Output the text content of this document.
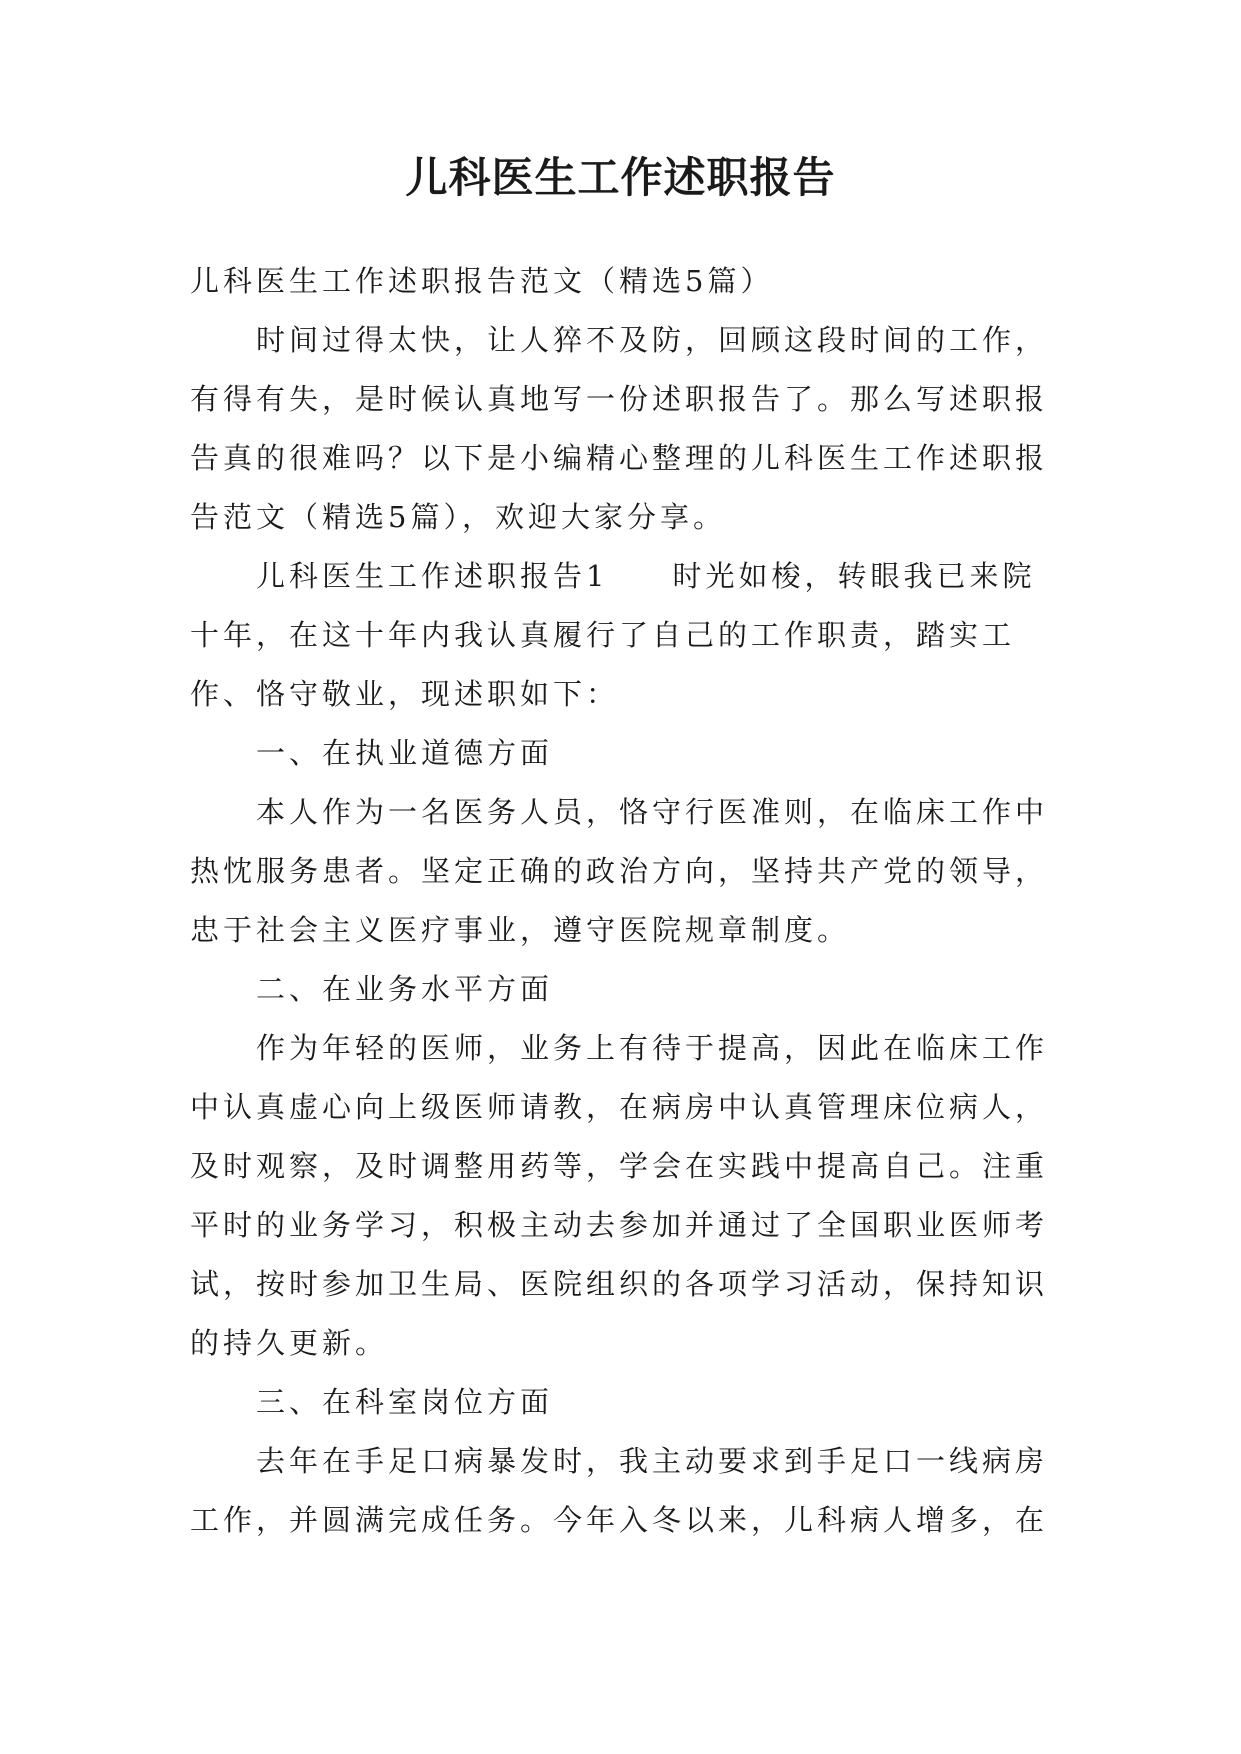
儿科医生工作述职报告

儿科医生工作述职报告范文（精选5篇）

时间过得太快，让人猝不及防，回顾这段时间的工作，有得有失，是时候认真地写一份述职报告了。那么写述职报告真的很难吗？以下是小编精心整理的儿科医生工作述职报告范文（精选5篇），欢迎大家分享。

儿科医生工作述职报告1 时光如梭，转眼我已来院十年，在这十年内我认真履行了自己的工作职责，踏实工作、恪守敬业，现述职如下：

一、在执业道德方面

本人作为一名医务人员，恪守行医准则，在临床工作中热忱服务患者。坚定正确的政治方向，坚持共产党的领导，忠于社会主义医疗事业，遵守医院规章制度。

二、在业务水平方面

作为年轻的医师，业务上有待于提高，因此在临床工作中认真虚心向上级医师请教，在病房中认真管理床位病人，及时观察，及时调整用药等，学会在实践中提高自己。注重平时的业务学习，积极主动去参加并通过了全国职业医师考试，按时参加卫生局、医院组织的各项学习活动，保持知识的持久更新。

三、在科室岗位方面

去年在手足口病暴发时，我主动要求到手足口一线病房工作，并圆满完成任务。今年入冬以来，儿科病人增多，在
